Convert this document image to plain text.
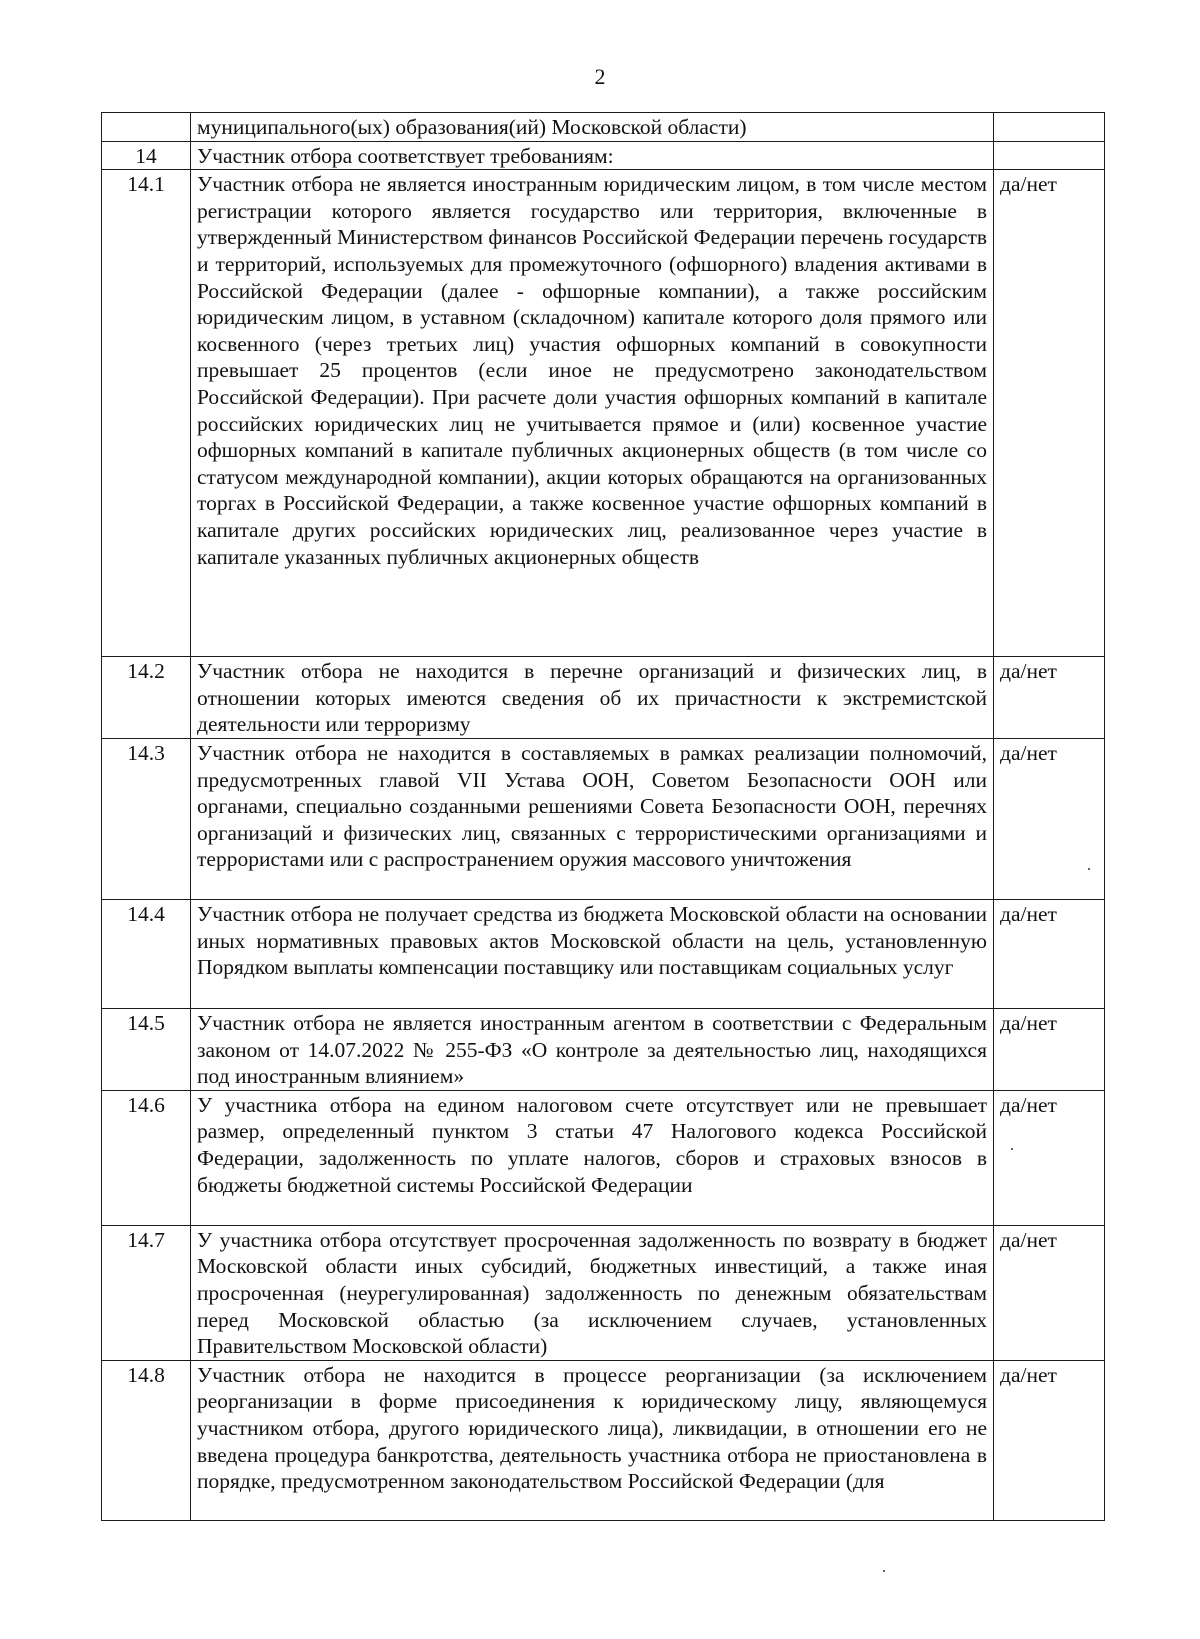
2
	муниципального(ых) образования(ий) Московской области)	
14	Участник отбора соответствует требованиям:	
14.1	Участник отбора не является иностранным юридическим лицом, в том числе местом регистрации которого является государство или территория, включенные в утвержденный Министерством финансов Российской Федерации перечень государств и территорий, используемых для промежуточного (офшорного) владения активами в Российской Федерации (далее - офшорные компании), а также российским юридическим лицом, в уставном (складочном) капитале которого доля прямого или косвенного (через третьих лиц) участия офшорных компаний в совокупности превышает 25 процентов (если иное не предусмотрено законодательством Российской Федерации). При расчете доли участия офшорных компаний в капитале российских юридических лиц не учитывается прямое и (или) косвенное участие офшорных компаний в капитале публичных акционерных обществ (в том числе со статусом международной компании), акции которых обращаются на организованных торгах в Российской Федерации, а также косвенное участие офшорных компаний в капитале других российских юридических лиц, реализованное через участие в капитале указанных публичных акционерных обществ	да/нет
14.2	Участник отбора не находится в перечне организаций и физических лиц, в отношении которых имеются сведения об их причастности к экстремистской деятельности или терроризму	да/нет
14.3	Участник отбора не находится в составляемых в рамках реализации полномочий, предусмотренных главой VII Устава ООН, Советом Безопасности ООН или органами, специально созданными решениями Совета Безопасности ООН, перечнях организаций и физических лиц, связанных с террористическими организациями и террористами или с распространением оружия массового уничтожения	да/нет
14.4	Участник отбора не получает средства из бюджета Московской области на основании иных нормативных правовых актов Московской области на цель, установленную Порядком выплаты компенсации поставщику или поставщикам социальных услуг	да/нет
14.5	Участник отбора не является иностранным агентом в соответствии с Федеральным законом от 14.07.2022 № 255-ФЗ «О контроле за деятельностью лиц, находящихся под иностранным влиянием»	да/нет
14.6	У участника отбора на едином налоговом счете отсутствует или не превышает размер, определенный пунктом 3 статьи 47 Налогового кодекса Российской Федерации, задолженность по уплате налогов, сборов и страховых взносов в бюджеты бюджетной системы Российской Федерации	да/нет
14.7	У участника отбора отсутствует просроченная задолженность по возврату в бюджет Московской области иных субсидий, бюджетных инвестиций, а также иная просроченная (неурегулированная) задолженность по денежным обязательствам перед Московской областью (за исключением случаев, установленных Правительством Московской области)	да/нет
14.8	Участник отбора не находится в процессе реорганизации (за исключением реорганизации в форме присоединения к юридическому лицу, являющемуся участником отбора, другого юридического лица), ликвидации, в отношении его не введена процедура банкротства, деятельность участника отбора не приостановлена в порядке, предусмотренном законодательством Российской Федерации (для	да/нет
